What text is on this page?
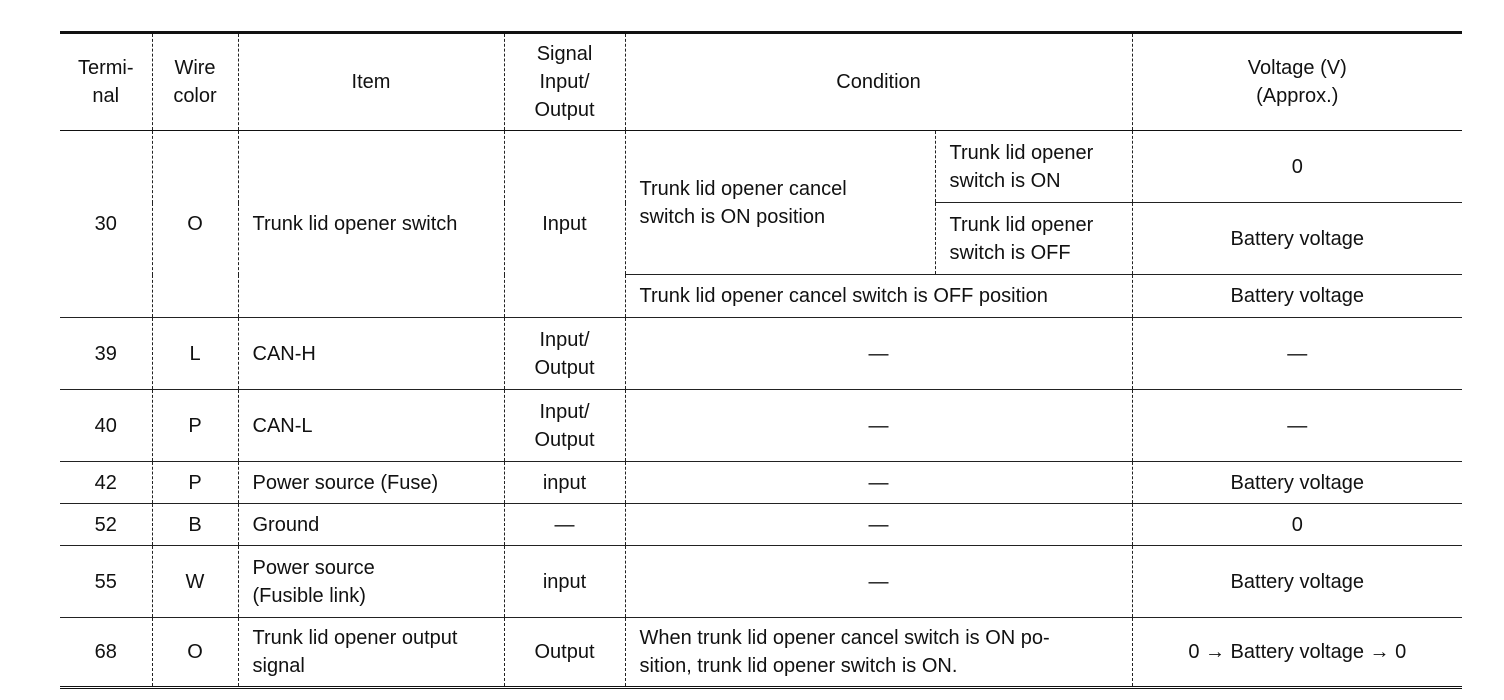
Termi-
nal	Wire
color	Item	Signal
Input/
Output	Condition		Voltage (V)
(Approx.)
30	O	Trunk lid opener switch	Input	Trunk lid opener cancel
switch is ON position	Trunk lid opener
switch is ON	0
					Trunk lid opener
switch is OFF	Battery voltage
				Trunk lid opener cancel switch is OFF position		Battery voltage
39	L	CAN-H	Input/
Output	—		—
40	P	CAN-L	Input/
Output	—		—
42	P	Power source (Fuse)	input	—		Battery voltage
52	B	Ground	—	—		0
55	W	Power source
(Fusible link)	input	—		Battery voltage
68	O	Trunk lid opener output
signal	Output	When trunk lid opener cancel switch is ON po-
sition, trunk lid opener switch is ON.		0 → Battery voltage → 0
